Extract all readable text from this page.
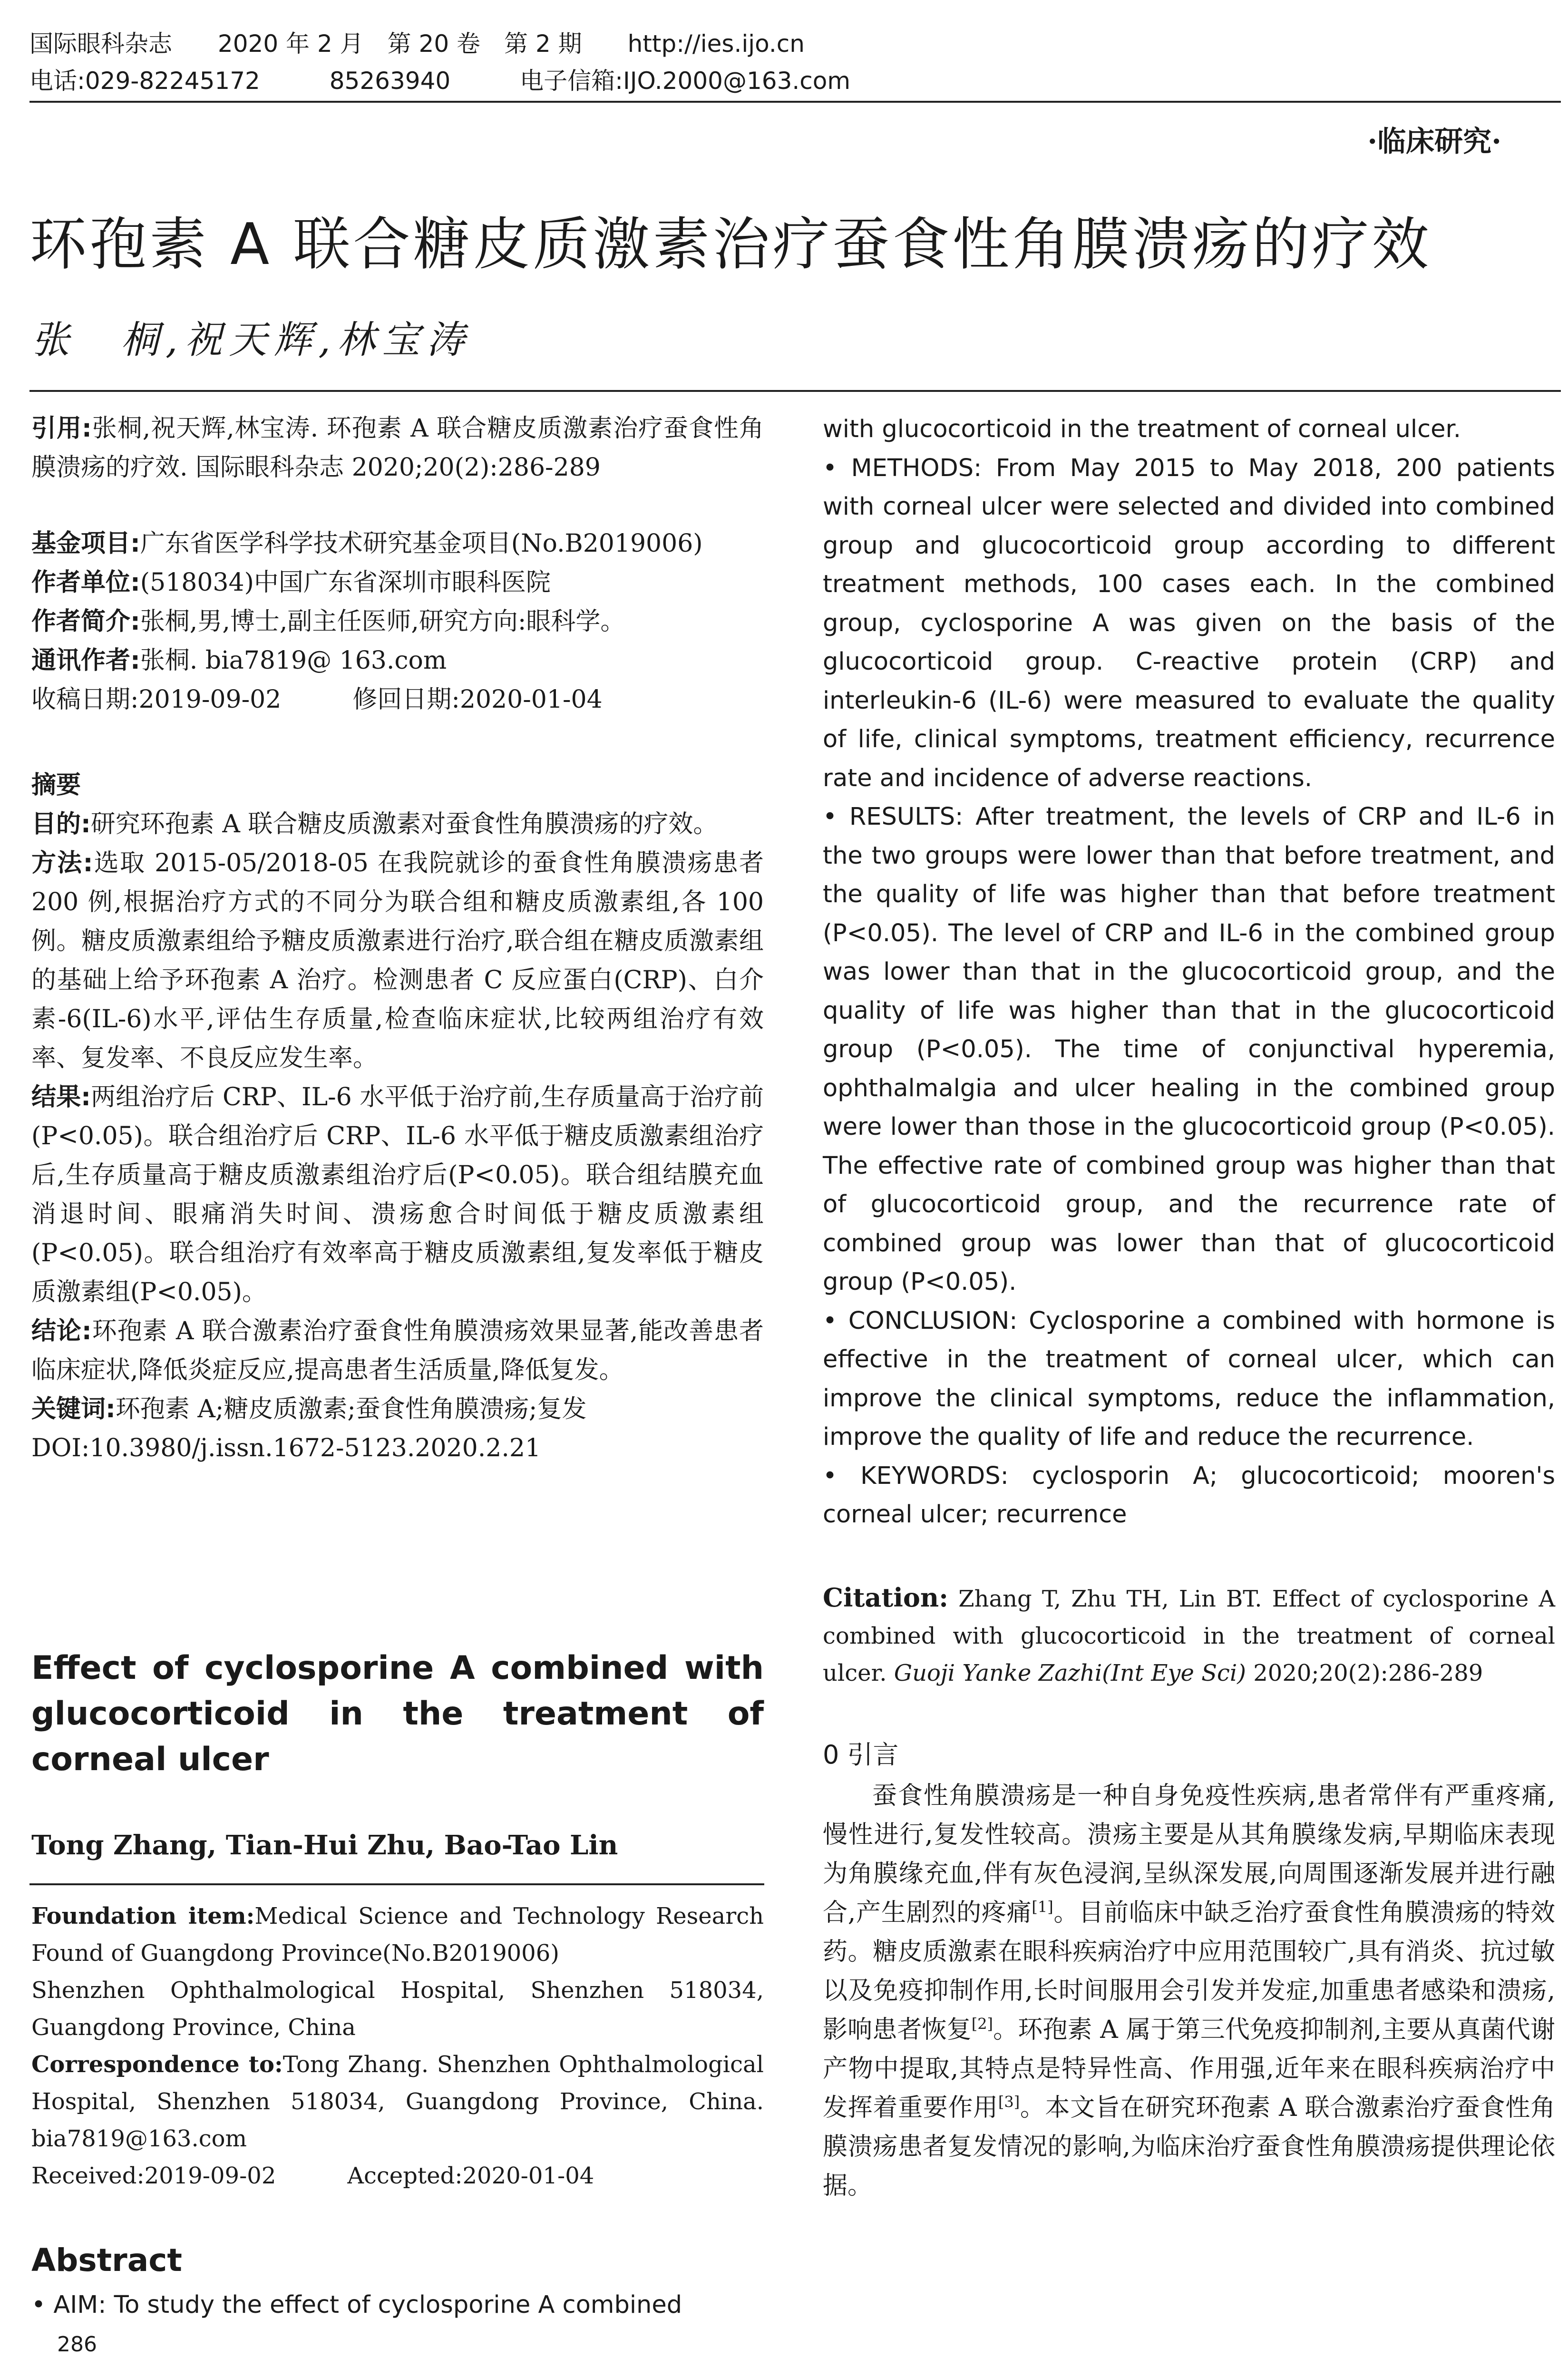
国际眼科杂志 2020 年 2 月　第 20 卷　第 2 期 http://ies.ijo.cn
电话:029-82245172	85263940	电子信箱:IJO.2000@163.com
·临床研究·
环孢素 A 联合糖皮质激素治疗蚕食性角膜溃疡的疗效
张　桐,祝天辉,林宝涛

引用:张桐,祝天辉,林宝涛. 环孢素 A 联合糖皮质激素治疗蚕食性角膜溃疡的疗效. 国际眼科杂志 2020;20(2):286-289

基金项目:广东省医学科学技术研究基金项目(No.B2019006)

作者单位:(518034)中国广东省深圳市眼科医院

作者简介:张桐,男,博士,副主任医师,研究方向:眼科学。

通讯作者:张桐. bia7819@ 163.com

收稿日期:2019-09-02	修回日期:2020-01-04

摘要

目的:研究环孢素 A 联合糖皮质激素对蚕食性角膜溃疡的疗效。

方法:选取 2015-05/2018-05 在我院就诊的蚕食性角膜溃疡患者 200 例,根据治疗方式的不同分为联合组和糖皮质激素组,各 100 例。糖皮质激素组给予糖皮质激素进行治疗,联合组在糖皮质激素组的基础上给予环孢素 A 治疗。检测患者 C 反应蛋白(CRP)、白介素-6(IL-6)水平,评估生存质量,检查临床症状,比较两组治疗有效率、复发率、不良反应发生率。

结果:两组治疗后 CRP、IL-6 水平低于治疗前,生存质量高于治疗前(P<0.05)。联合组治疗后 CRP、IL-6 水平低于糖皮质激素组治疗后,生存质量高于糖皮质激素组治疗后(P<0.05)。联合组结膜充血消退时间、眼痛消失时间、溃疡愈合时间低于糖皮质激素组(P<0.05)。联合组治疗有效率高于糖皮质激素组,复发率低于糖皮质激素组(P<0.05)。

结论:环孢素 A 联合激素治疗蚕食性角膜溃疡效果显著,能改善患者临床症状,降低炎症反应,提高患者生活质量,降低复发。

关键词:环孢素 A;糖皮质激素;蚕食性角膜溃疡;复发

DOI:10.3980/j.issn.1672-5123.2020.2.21

Effect of cyclosporine A combined with glucocorticoid in the treatment of corneal ulcer
Tong Zhang, Tian-Hui Zhu, Bao-Tao Lin

Foundation item:Medical Science and Technology Research Found of Guangdong Province(No.B2019006)

Shenzhen Ophthalmological Hospital, Shenzhen 518034, Guangdong Province, China

Correspondence to:Tong Zhang. Shenzhen Ophthalmological Hospital, Shenzhen 518034, Guangdong Province, China. bia7819@163.com

Received:2019-09-02	Accepted:2020-01-04

Abstract
• AIM: To study the effect of cyclosporine A combined
286

with glucocorticoid in the treatment of corneal ulcer.

• METHODS: From May 2015 to May 2018, 200 patients with corneal ulcer were selected and divided into combined group and glucocorticoid group according to different treatment methods, 100 cases each. In the combined group, cyclosporine A was given on the basis of the glucocorticoid group. C-reactive protein (CRP) and interleukin-6 (IL-6) were measured to evaluate the quality of life, clinical symptoms, treatment efficiency, recurrence rate and incidence of adverse reactions.

• RESULTS: After treatment, the levels of CRP and IL-6 in the two groups were lower than that before treatment, and the quality of life was higher than that before treatment (P<0.05). The level of CRP and IL-6 in the combined group was lower than that in the glucocorticoid group, and the quality of life was higher than that in the glucocorticoid group (P<0.05). The time of conjunctival hyperemia, ophthalmalgia and ulcer healing in the combined group were lower than those in the glucocorticoid group (P<0.05). The effective rate of combined group was higher than that of glucocorticoid group, and the recurrence rate of combined group was lower than that of glucocorticoid group (P<0.05).

• CONCLUSION: Cyclosporine a combined with hormone is effective in the treatment of corneal ulcer, which can improve the clinical symptoms, reduce the inflammation, improve the quality of life and reduce the recurrence.

• KEYWORDS: cyclosporin A; glucocorticoid; mooren's corneal ulcer; recurrence

Citation: Zhang T, Zhu TH, Lin BT. Effect of cyclosporine A combined with glucocorticoid in the treatment of corneal ulcer. Guoji Yanke Zazhi(Int Eye Sci) 2020;20(2):286-289
0 引言

蚕食性角膜溃疡是一种自身免疫性疾病,患者常伴有严重疼痛,慢性进行,复发性较高。溃疡主要是从其角膜缘发病,早期临床表现为角膜缘充血,伴有灰色浸润,呈纵深发展,向周围逐渐发展并进行融合,产生剧烈的疼痛[1]。目前临床中缺乏治疗蚕食性角膜溃疡的特效药。糖皮质激素在眼科疾病治疗中应用范围较广,具有消炎、抗过敏以及免疫抑制作用,长时间服用会引发并发症,加重患者感染和溃疡,影响患者恢复[2]。环孢素 A 属于第三代免疫抑制剂,主要从真菌代谢产物中提取,其特点是特异性高、作用强,近年来在眼科疾病治疗中发挥着重要作用[3]。本文旨在研究环孢素 A 联合激素治疗蚕食性角膜溃疡患者复发情况的影响,为临床治疗蚕食性角膜溃疡提供理论依据。
